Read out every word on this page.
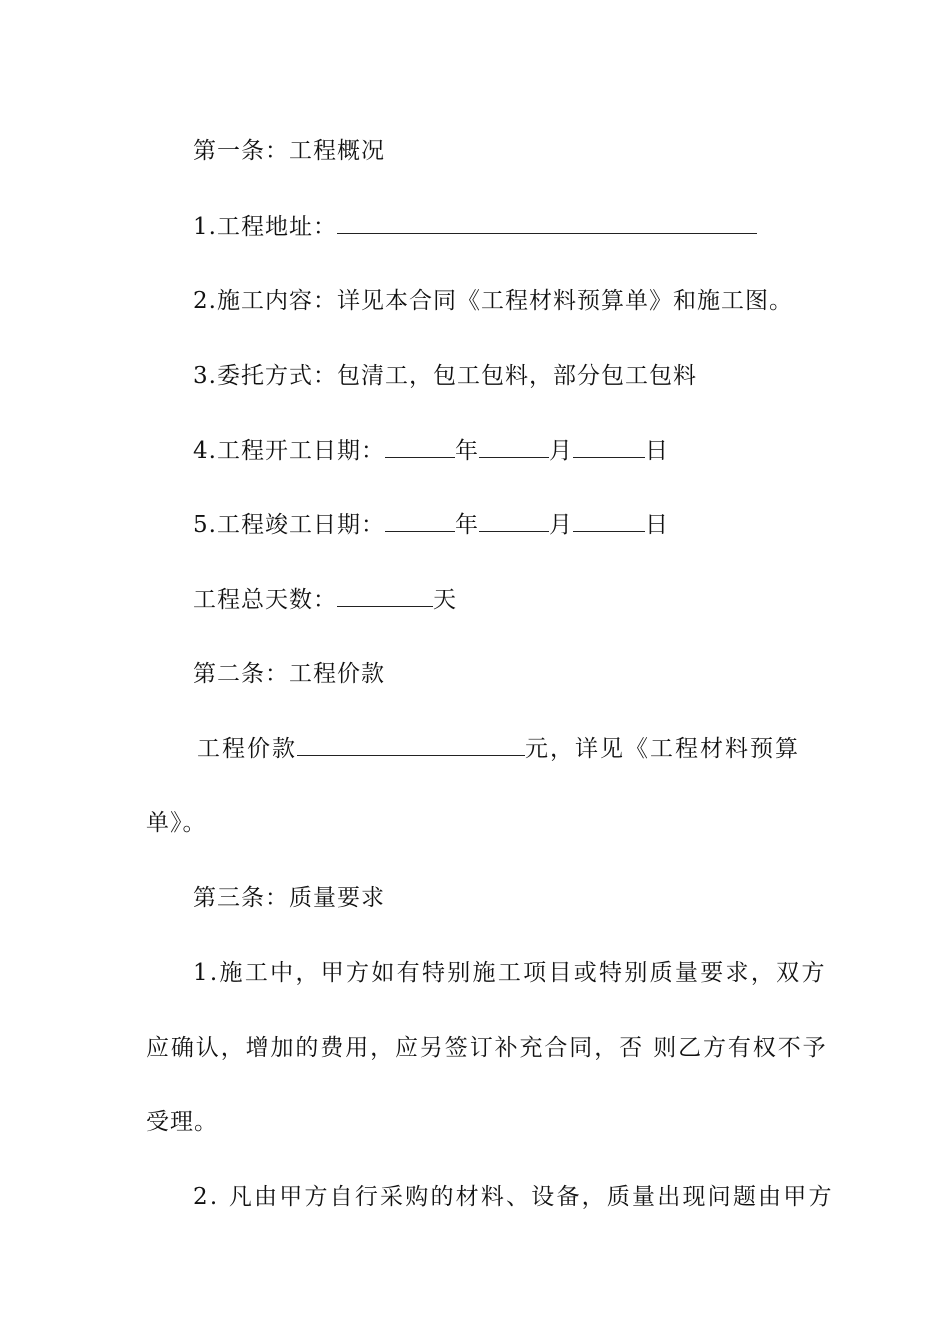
第一条：工程概况
1.工程地址：
2.施工内容：详见本合同《工程材料预算单》和施工图。
3.委托方式：包清工，包工包料，部分包工包料
4.工程开工日期：	年	月	日
5.工程竣工日期：	年	月	日
工程总天数：	天
第二条：工程价款
工程价款	元，详见《工程材料预算
单》。
第三条：质量要求
1.施工中，甲方如有特别施工项目或特别质量要求，双方
应确认，增加的费用，应另签订补充合同，否 则乙方有权不予
受理。
2. 凡由甲方自行采购的材料、设备，质量出现问题由甲方
